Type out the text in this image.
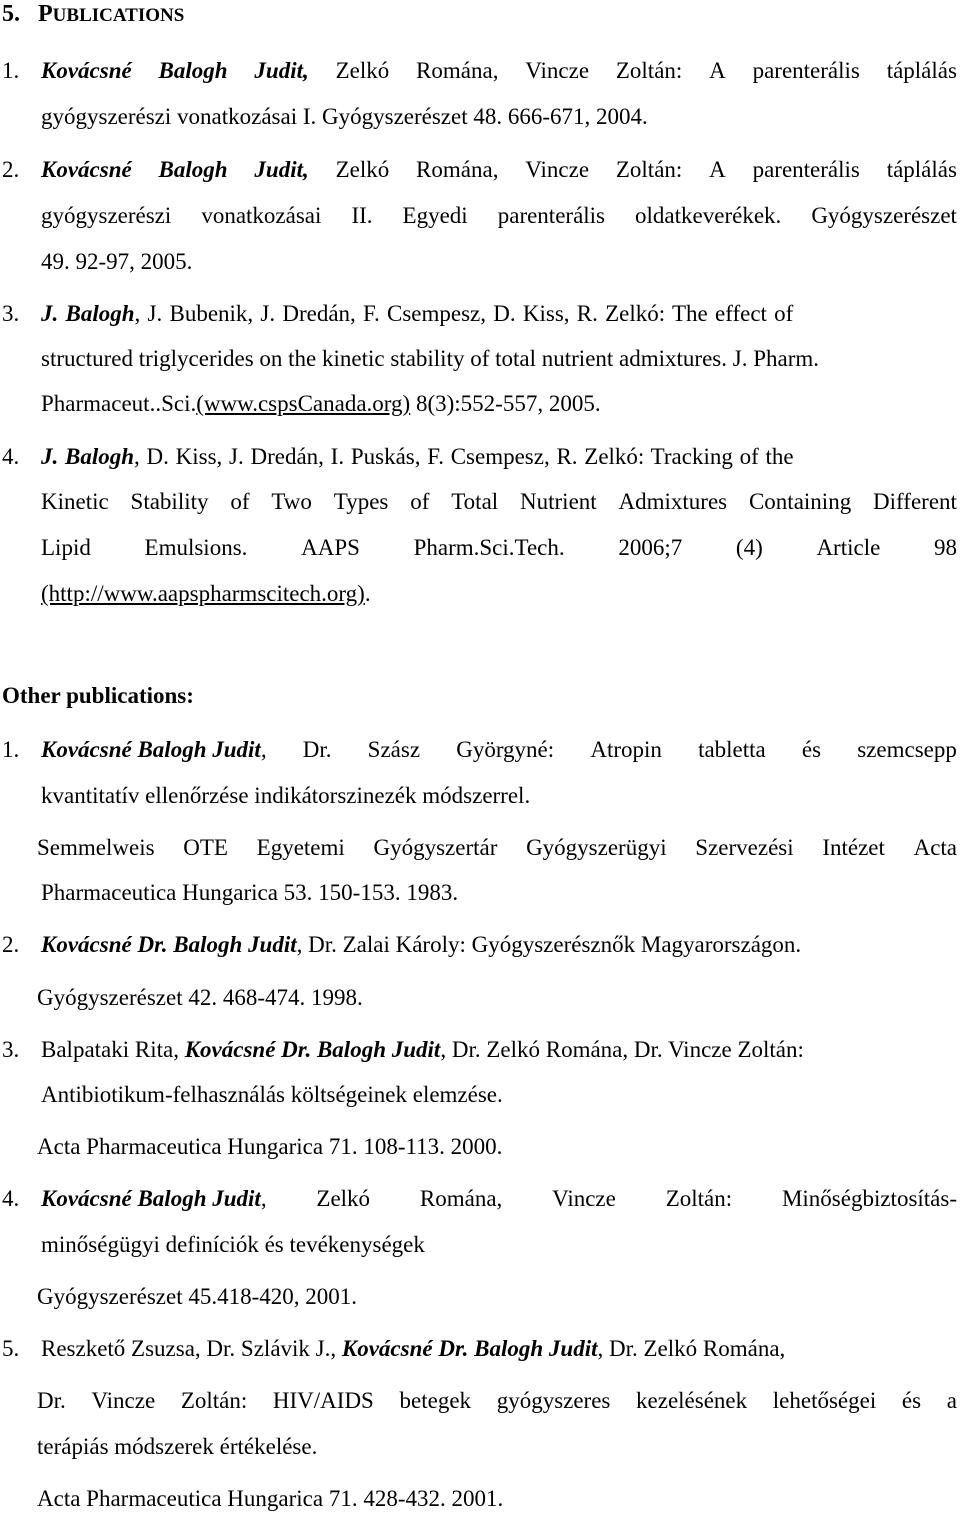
5. PUBLICATIONS
1. Kovácsné Balogh Judit, Zelkó Romána, Vincze Zoltán: A parenterális táplálás
gyógyszerészi vonatkozásai I. Gyógyszerészet 48. 666-671, 2004.
2. Kovácsné Balogh Judit, Zelkó Romána, Vincze Zoltán: A parenterális táplálás
gyógyszerészi vonatkozásai II. Egyedi parenterális oldatkeverékek. Gyógyszerészet
49. 92-97, 2005.
3. J. Balogh, J. Bubenik, J. Dredán, F. Csempesz, D. Kiss, R. Zelkó: The effect of
structured triglycerides on the kinetic stability of total nutrient admixtures. J. Pharm.
Pharmaceut..Sci.(www.cspsCanada.org) 8(3):552-557, 2005.
4. J. Balogh, D. Kiss, J. Dredán, I. Puskás, F. Csempesz, R. Zelkó: Tracking of the
Kinetic Stability of Two Types of Total Nutrient Admixtures Containing Different
Lipid Emulsions. AAPS Pharm.Sci.Tech. 2006;7 (4) Article 98
(http://www.aapspharmscitech.org).
Other publications:
1. Kovácsné Balogh Judit, Dr. Szász Györgyné: Atropin tabletta és szemcsepp
kvantitatív ellenőrzése indikátorszinezék módszerrel.
Semmelweis OTE Egyetemi Gyógyszertár Gyógyszerügyi Szervezési Intézet Acta
Pharmaceutica Hungarica 53. 150-153. 1983.
2. Kovácsné Dr. Balogh Judit, Dr. Zalai Károly: Gyógyszerésznők Magyarországon.
Gyógyszerészet 42. 468-474. 1998.
3. Balpataki Rita, Kovácsné Dr. Balogh Judit, Dr. Zelkó Romána, Dr. Vincze Zoltán:
Antibiotikum-felhasználás költségeinek elemzése.
Acta Pharmaceutica Hungarica 71. 108-113. 2000.
4. Kovácsné Balogh Judit, Zelkó Romána, Vincze Zoltán: Minőségbiztosítás-
minőségügyi definíciók és tevékenységek
Gyógyszerészet 45.418-420, 2001.
5. Reszkető Zsuzsa, Dr. Szlávik J., Kovácsné Dr. Balogh Judit, Dr. Zelkó Romána,
Dr. Vincze Zoltán: HIV/AIDS betegek gyógyszeres kezelésének lehetőségei és a
terápiás módszerek értékelése.
Acta Pharmaceutica Hungarica 71. 428-432. 2001.
